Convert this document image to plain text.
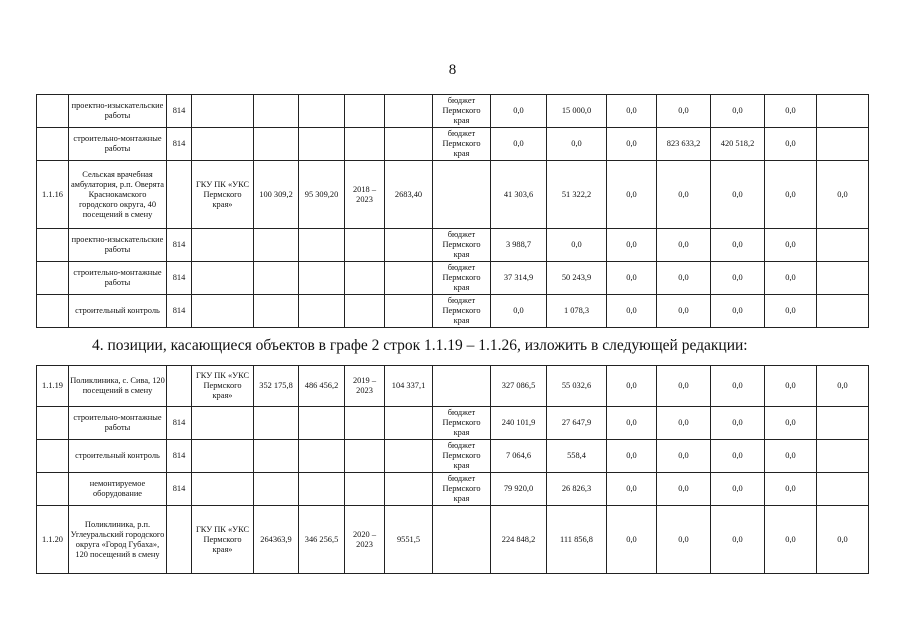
8
	проектно-изыскательские работы	814						бюджет Пермского края	0,0	15 000,0	0,0	0,0	0,0	0,0	
	строительно-монтажные работы	814						бюджет Пермского края	0,0	0,0	0,0	823 633,2	420 518,2	0,0	
1.1.16	Сельская врачебная амбулатория, р.п. Оверята Краснокамского городского округа, 40 посещений в смену		ГКУ ПК «УКС Пермского края»	100 309,2	95 309,20	2018 – 2023	2683,40		41 303,6	51 322,2	0,0	0,0	0,0	0,0	0,0
	проектно-изыскательские работы	814						бюджет Пермского края	3 988,7	0,0	0,0	0,0	0,0	0,0	
	строительно-монтажные работы	814						бюджет Пермского края	37 314,9	50 243,9	0,0	0,0	0,0	0,0	
	строительный контроль	814						бюджет Пермского края	0,0	1 078,3	0,0	0,0	0,0	0,0	
4. позиции, касающиеся объектов в графе 2 строк 1.1.19 – 1.1.26, изложить в следующей редакции:
1.1.19	Поликлиника, с. Сива, 120 посещений в смену		ГКУ ПК «УКС Пермского края»	352 175,8	486 456,2	2019 – 2023	104 337,1		327 086,5	55 032,6	0,0	0,0	0,0	0,0	0,0
	строительно-монтажные работы	814						бюджет Пермского края	240 101,9	27 647,9	0,0	0,0	0,0	0,0	
	строительный контроль	814						бюджет Пермского края	7 064,6	558,4	0,0	0,0	0,0	0,0	
	немонтируемое оборудование	814						бюджет Пермского края	79 920,0	26 826,3	0,0	0,0	0,0	0,0	
1.1.20	Поликлиника, р.п. Углеуральский городского округа «Город Губаха», 120 посещений в смену		ГКУ ПК «УКС Пермского края»	264363,9	346 256,5	2020 – 2023	9551,5		224 848,2	111 856,8	0,0	0,0	0,0	0,0	0,0
